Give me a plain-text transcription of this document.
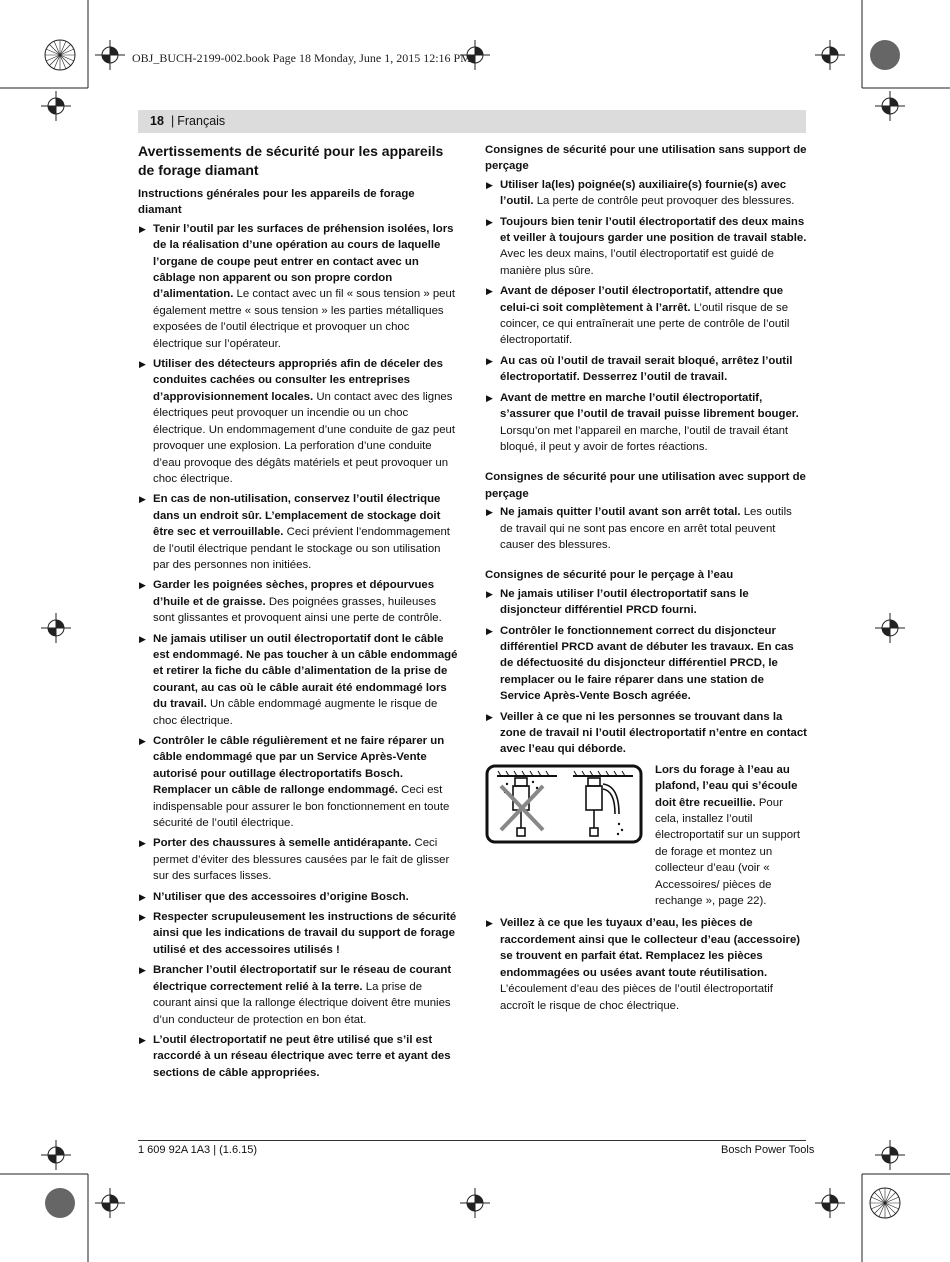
OBJ_BUCH-2199-002.book Page 18 Monday, June 1, 2015 12:16 PM
18
|	Français
Avertissements de sécurité pour les appareils de forage diamant
Instructions générales pour les appareils de forage diamant
▶ Tenir l’outil par les surfaces de préhension isolées, lors de la réalisation d’une opération au cours de laquelle l’organe de coupe peut entrer en contact avec un câblage non apparent ou son propre cordon d’alimentation. Le contact avec un fil « sous tension » peut également mettre « sous tension » les parties métalliques exposées de l’outil électrique et provoquer un choc électrique sur l’opérateur.
▶ Utiliser des détecteurs appropriés afin de déceler des conduites cachées ou consulter les entreprises d’approvisionnement locales. Un contact avec des lignes électriques peut provoquer un incendie ou un choc électrique. Un endommagement d’une conduite de gaz peut provoquer une explosion. La perforation d’une conduite d’eau provoque des dégâts matériels et peut provoquer un choc électrique.
▶ En cas de non-utilisation, conservez l’outil électrique dans un endroit sûr. L’emplacement de stockage doit être sec et verrouillable. Ceci prévient l’endommagement de l’outil électrique pendant le stockage ou son utilisation par des personnes non initiées.
▶ Garder les poignées sèches, propres et dépourvues d’huile et de graisse. Des poignées grasses, huileuses sont glissantes et provoquent ainsi une perte de contrôle.
▶ Ne jamais utiliser un outil électroportatif dont le câble est endommagé. Ne pas toucher à un câble endommagé et retirer la fiche du câble d’alimentation de la prise de courant, au cas où le câble aurait été endommagé lors du travail. Un câble endommagé augmente le risque de choc électrique.
▶ Contrôler le câble régulièrement et ne faire réparer un câble endommagé que par un Service Après-Vente autorisé pour outillage électroportatifs Bosch. Remplacer un câble de rallonge endommagé. Ceci est indispensable pour assurer le bon fonctionnement en toute sécurité de l’outil électrique.
▶ Porter des chaussures à semelle antidérapante. Ceci permet d’éviter des blessures causées par le fait de glisser sur des surfaces lisses.
▶ N’utiliser que des accessoires d’origine Bosch.
▶ Respecter scrupuleusement les instructions de sécurité ainsi que les indications de travail du support de forage utilisé et des accessoires utilisés !
▶ Brancher l’outil électroportatif sur le réseau de courant électrique correctement relié à la terre. La prise de courant ainsi que la rallonge électrique doivent être munies d’un conducteur de protection en bon état.
▶ L’outil électroportatif ne peut être utilisé que s’il est raccordé à un réseau électrique avec terre et ayant des sections de câble appropriées.
Consignes de sécurité pour une utilisation sans support de perçage
▶ Utiliser la(les) poignée(s) auxiliaire(s) fournie(s) avec l’outil. La perte de contrôle peut provoquer des blessures.
▶ Toujours bien tenir l’outil électroportatif des deux mains et veiller à toujours garder une position de travail stable. Avec les deux mains, l’outil électroportatif est guidé de manière plus sûre.
▶ Avant de déposer l’outil électroportatif, attendre que celui-ci soit complètement à l’arrêt. L’outil risque de se coincer, ce qui entraînerait une perte de contrôle de l’outil électroportatif.
▶ Au cas où l’outil de travail serait bloqué, arrêtez l’outil électroportatif. Desserrez l’outil de travail.
▶ Avant de mettre en marche l’outil électroportatif, s’assurer que l’outil de travail puisse librement bouger. Lorsqu’on met l’appareil en marche, l’outil de travail étant bloqué, il peut y avoir de fortes réactions.
Consignes de sécurité pour une utilisation avec support de perçage
▶ Ne jamais quitter l’outil avant son arrêt total. Les outils de travail qui ne sont pas encore en arrêt total peuvent causer des blessures.
Consignes de sécurité pour le perçage à l’eau
▶ Ne jamais utiliser l’outil électroportatif sans le disjoncteur différentiel PRCD fourni.
▶ Contrôler le fonctionnement correct du disjoncteur différentiel PRCD avant de débuter les travaux. En cas de défectuosité du disjoncteur différentiel PRCD, le remplacer ou le faire réparer dans une station de Service Après-Vente Bosch agréée.
▶ Veiller à ce que ni les personnes se trouvant dans la zone de travail ni l’outil électroportatif n’entre en contact avec l’eau qui déborde.
Lors du forage à l’eau au plafond, l’eau qui s’écoule doit être recueillie. Pour cela, installez l’outil électroportatif sur un support de forage et montez un collecteur d’eau (voir « Accessoires/ pièces de rechange », page 22).
▶ Veillez à ce que les tuyaux d’eau, les pièces de raccordement ainsi que le collecteur d’eau (accessoire) se trouvent en parfait état. Remplacez les pièces endommagées ou usées avant toute réutilisation. L’écoulement d’eau des pièces de l’outil électroportatif accroît le risque de choc électrique.
1 609 92A 1A3 | (1.6.15)	Bosch Power Tools
